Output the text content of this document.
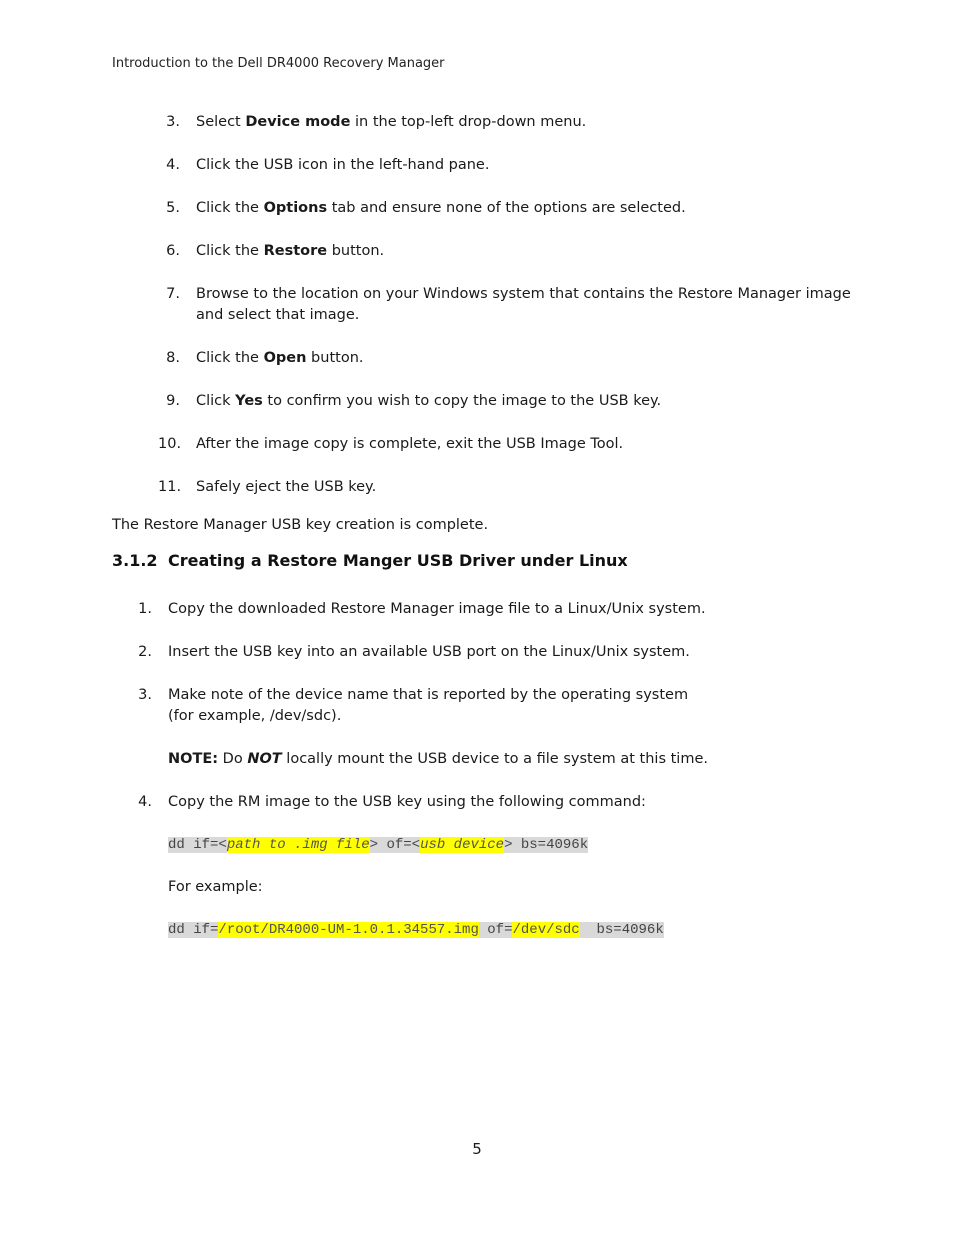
Introduction to the Dell DR4000 Recovery Manager
3. Select Device mode in the top-left drop-down menu.
4. Click the USB icon in the left-hand pane.
5. Click the Options tab and ensure none of the options are selected.
6. Click the Restore button.
7. Browse to the location on your Windows system that contains the Restore Manager image
and select that image.
8. Click the Open button.
9. Click Yes to confirm you wish to copy the image to the USB key.
10. After the image copy is complete, exit the USB Image Tool.
11. Safely eject the USB key.
The Restore Manager USB key creation is complete.
3.1.2 Creating a Restore Manger USB Driver under Linux
1. Copy the downloaded Restore Manager image file to a Linux/Unix system.
2. Insert the USB key into an available USB port on the Linux/Unix system.
3. Make note of the device name that is reported by the operating system
(for example, /dev/sdc).
NOTE: Do NOT locally mount the USB device to a file system at this time.
4. Copy the RM image to the USB key using the following command:
dd if=<path to .img file> of=<usb device> bs=4096k
For example:
dd if=/root/DR4000-UM-1.0.1.34557.img of=/dev/sdc  bs=4096k
5
